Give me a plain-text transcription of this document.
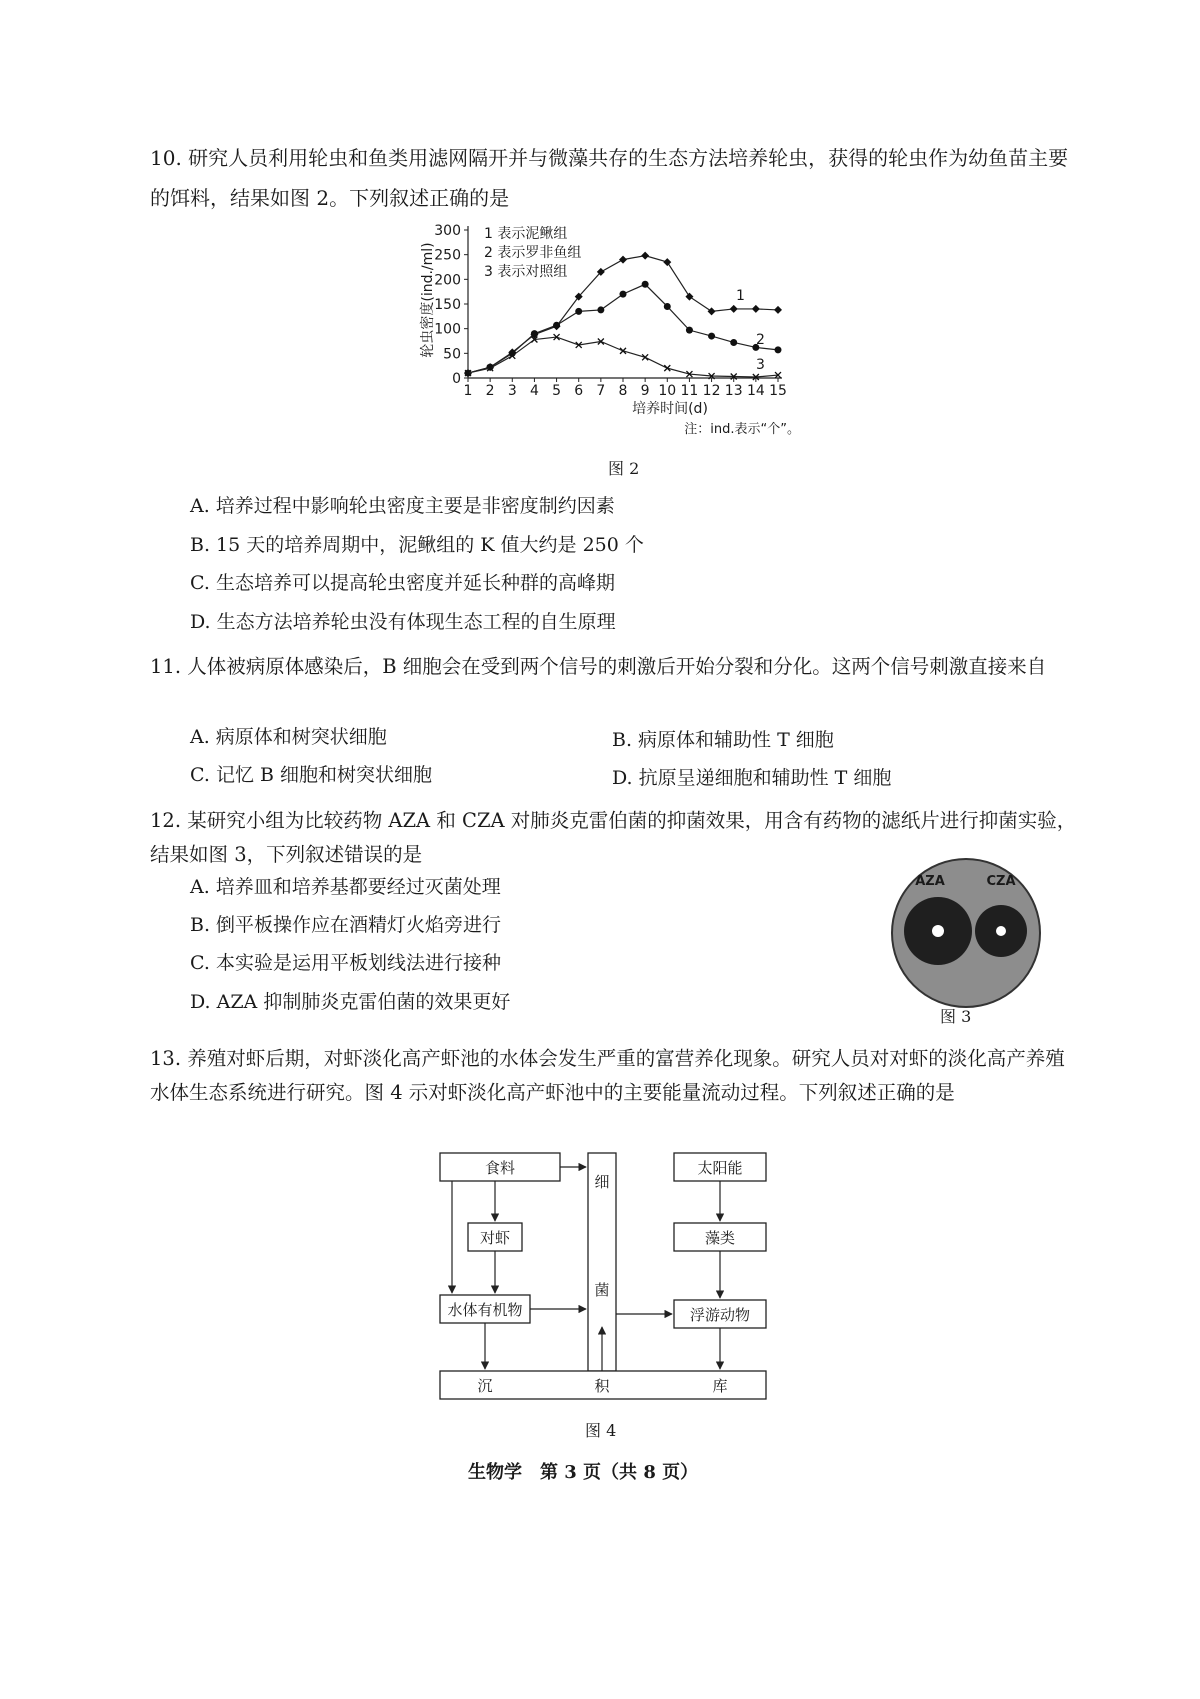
10. 研究人员利用轮虫和鱼类用滤网隔开并与微藻共存的生态方法培养轮虫，获得的轮虫作为幼鱼苗主要的饵料，结果如图 2。下列叙述正确的是
0
50
100
150
200
250
300
1 2 3 4 5 6 7 8 9 10 11 12 13 14 15
1
2
3
1 表示泥鳅组
2 表示罗非鱼组
3 表示对照组
培养时间(d)
轮虫密度(ind./ml)
注：ind.表示“个”。
图 2
A. 培养过程中影响轮虫密度主要是非密度制约因素
B. 15 天的培养周期中，泥鳅组的 K 值大约是 250 个
C. 生态培养可以提高轮虫密度并延长种群的高峰期
D. 生态方法培养轮虫没有体现生态工程的自生原理
11. 人体被病原体感染后，B 细胞会在受到两个信号的刺激后开始分裂和分化。这两个信号刺激直接来自
A. 病原体和树突状细胞	B. 病原体和辅助性 T 细胞
C. 记忆 B 细胞和树突状细胞	D. 抗原呈递细胞和辅助性 T 细胞
12. 某研究小组为比较药物 AZA 和 CZA 对肺炎克雷伯菌的抑菌效果，用含有药物的滤纸片进行抑菌实验，结果如图 3，下列叙述错误的是
A. 培养皿和培养基都要经过灭菌处理
B. 倒平板操作应在酒精灯火焰旁进行
C. 本实验是运用平板划线法进行接种
D. AZA 抑制肺炎克雷伯菌的效果更好
AZA	CZA
图 3
13. 养殖对虾后期，对虾淡化高产虾池的水体会发生严重的富营养化现象。研究人员对对虾的淡化高产养殖水体生态系统进行研究。图 4 示对虾淡化高产虾池中的主要能量流动过程。下列叙述正确的是
食料
对虾
水体有机物
细
菌
太阳能
藻类
浮游动物
沉	积	库
图 4
生物学　第 3 页（共 8 页）
